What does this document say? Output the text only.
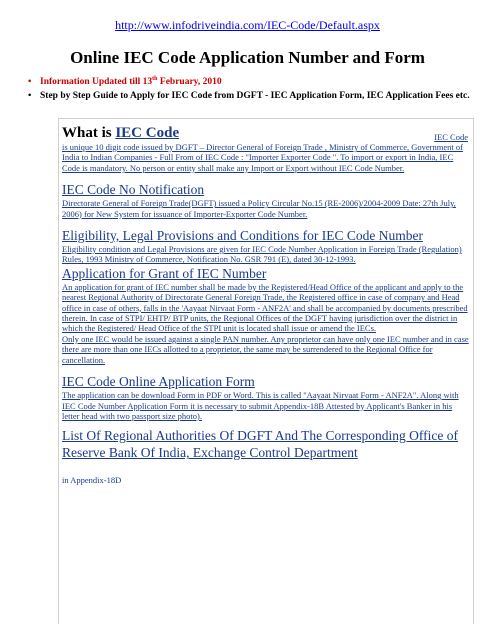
http://www.infodriveindia.com/IEC-Code/Default.aspx
Online IEC Code Application Number and Form
• Information Updated till 13th February, 2010
• Step by Step Guide to Apply for IEC Code from DGFT - IEC Application Form, IEC Application Fees etc.
What is IEC Code	IEC Code

is unique 10 digit code issued by DGFT – Director General of Foreign Trade , Ministry of Commerce, Government of India to Indian Companies - Full From of IEC Code : "Importer Exporter Code ". To import or export in India, IEC Code is mandatory. No person or entity shall make any Import or Export without IEC Code Number.

IEC Code No Notification

Directorate General of Foreign Trade(DGFT) issued a Policy Circular No.15 (RE-2006)/2004-2009 Date: 27th July, 2006) for New System for issuance of Importer-Exporter Code Number.

Eligibility, Legal Provisions and Conditions for IEC Code Number

Eligibility condition and Legal Provisions are given for IEC Code Number Application in Foreign Trade (Regulation) Rules, 1993 Ministry of Commerce, Notification No. GSR 791 (E), dated 30-12-1993.

Application for Grant of IEC Number

An application for grant of IEC number shall be made by the Registered/Head Office of the applicant and apply to the nearest Regional Authority of Directorate General Foreign Trade, the Registered office in case of company and Head office in case of others, falls in the 'Aayaat Nirvaat Form - ANF2A' and shall be accompanied by documents prescribed therein. In case of STPI/ EHTP/ BTP units, the Regional Offices of the DGFT having jurisdiction over the district in which the Registered/ Head Office of the STPI unit is located shall issue or amend the IECs.

Only one IEC would be issued against a single PAN number. Any proprietor can have only one IEC number and in case there are more than one IECs allotted to a proprietor, the same may be surrendered to the Regional Office for cancellation.

IEC Code Online Application Form

The application can be download Form in PDF or Word. This is called "Aayaat Nirvaat Form - ANF2A". Along with IEC Code Number Application Form it is necessary to submit Appendix-18B Attested by Applicant's Banker in his letter head with two passport size photo).

List Of Regional Authorities Of DGFT And The Corresponding Office of Reserve Bank Of India, Exchange Control Department

in Appendix-18D
